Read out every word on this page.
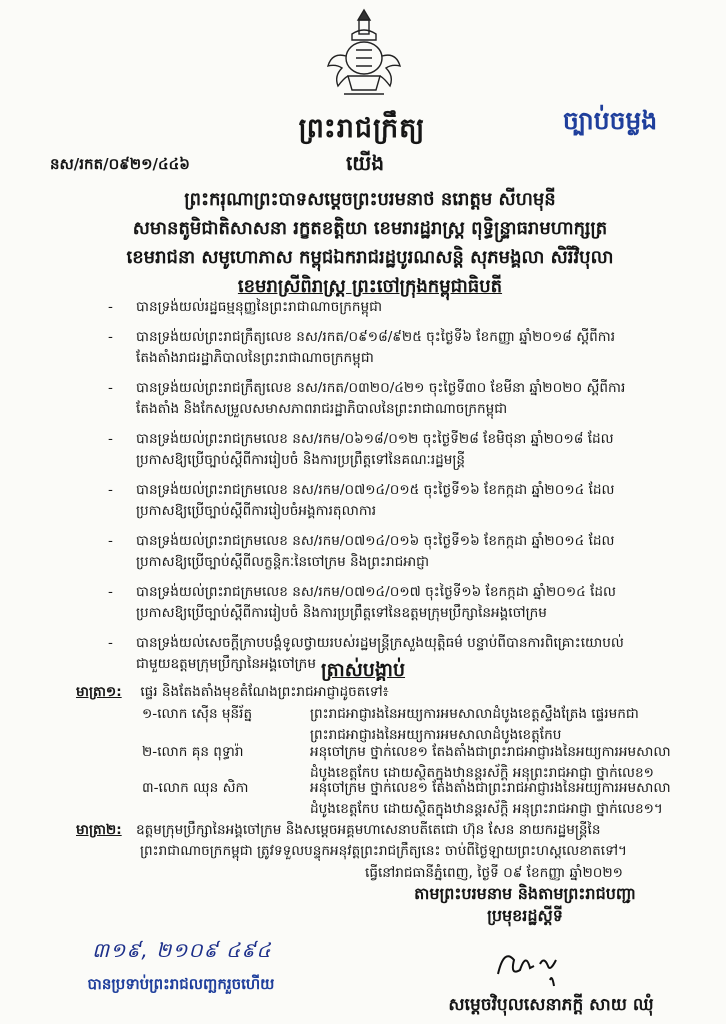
ព្រះរាជក្រឹត្យ	ច្បាប់ចម្លង
នស/រកត/០៩២១/៤៤៦	យើង
ព្រះករុណាព្រះបាទសម្តេចព្រះបរមនាថ នរោត្តម សីហមុនី
សមានតូមិជាតិសាសនា រក្ខតខត្តិយា ខេមរារដ្ឋរាស្ត្រ ពុទ្ធិន្ទ្រាធរាមហាក្សត្រ
ខេមរាជនា សមូហោភាស កម្ពុជឯករាជរដ្ឋបូរណសន្តិ សុភមង្គលា សិរីវិបុលា
ខេមរាស្រីពិរាស្ត្រ ព្រះចៅក្រុងកម្ពុជាធិបតី
-	បានទ្រង់យល់រដ្ឋធម្មនុញ្ញនៃព្រះរាជាណាចក្រកម្ពុជា
-	បានទ្រង់យល់ព្រះរាជក្រឹត្យលេខ នស/រកត/០៩១៨/៩២៥ ចុះថ្ងៃទី៦ ខែកញ្ញា ឆ្នាំ២០១៨ ស្តីពីការ
តែងតាំងរាជរដ្ឋាភិបាលនៃព្រះរាជាណាចក្រកម្ពុជា
-	បានទ្រង់យល់ព្រះរាជក្រឹត្យលេខ នស/រកត/០៣២០/៤២១ ចុះថ្ងៃទី៣០ ខែមីនា ឆ្នាំ២០២០ ស្តីពីការ
តែងតាំង និងកែសម្រួលសមាសភាពរាជរដ្ឋាភិបាលនៃព្រះរាជាណាចក្រកម្ពុជា
-	បានទ្រង់យល់ព្រះរាជក្រមលេខ នស/រកម/០៦១៨/០១២ ចុះថ្ងៃទី២៨ ខែមិថុនា ឆ្នាំ២០១៨ ដែល
ប្រកាសឱ្យប្រើច្បាប់ស្តីពីការរៀបចំ និងការប្រព្រឹត្តទៅនៃគណៈរដ្ឋមន្ត្រី
-	បានទ្រង់យល់ព្រះរាជក្រមលេខ នស/រកម/០៧១៤/០១៥ ចុះថ្ងៃទី១៦ ខែកក្កដា ឆ្នាំ២០១៤ ដែល
ប្រកាសឱ្យប្រើច្បាប់ស្តីពីការរៀបចំអង្គការតុលាការ
-	បានទ្រង់យល់ព្រះរាជក្រមលេខ នស/រកម/០៧១៤/០១៦ ចុះថ្ងៃទី១៦ ខែកក្កដា ឆ្នាំ២០១៤ ដែល
ប្រកាសឱ្យប្រើច្បាប់ស្តីពីលក្ខន្តិកៈនៃចៅក្រម និងព្រះរាជអាជ្ញា
-	បានទ្រង់យល់ព្រះរាជក្រមលេខ នស/រកម/០៧១៤/០១៧ ចុះថ្ងៃទី១៦ ខែកក្កដា ឆ្នាំ២០១៤ ដែល
ប្រកាសឱ្យប្រើច្បាប់ស្តីពីការរៀបចំ និងការប្រព្រឹត្តទៅនៃឧត្តមក្រុមប្រឹក្សានៃអង្គចៅក្រម
-	បានទ្រង់យល់សេចក្តីក្រាបបង្គំទូលថ្វាយរបស់រដ្ឋមន្ត្រីក្រសួងយុត្តិធម៌ បន្ទាប់ពីបានការពិគ្រោះយោបល់
ជាមួយឧត្តមក្រុមប្រឹក្សានៃអង្គចៅក្រម ត្រាស់បង្គាប់
មាត្រា១: ផ្ទេរ និងតែងតាំងមុខតំណែងព្រះរាជអាជ្ញាដូចតទៅ៖
១-លោក ស៊ើន មុនីរ័ត្ន	ព្រះរាជអាជ្ញារងនៃអយ្យការអមសាលាដំបូងខេត្តស្ទឹងត្រែង ផ្ទេរមកជា
ព្រះរាជអាជ្ញារងនៃអយ្យការអមសាលាដំបូងខេត្តកែប
២-លោក គុន ពុទ្ធារ៉ា	អនុចៅក្រម ថ្នាក់លេខ១ តែងតាំងជាព្រះរាជអាជ្ញារងនៃអយ្យការអមសាលា
ដំបូងខេត្តកែប ដោយស្ថិតក្នុងឋានន្តរស័ក្តិ អនុព្រះរាជអាជ្ញា ថ្នាក់លេខ១
៣-លោក ឈុន សិកា	អនុចៅក្រម ថ្នាក់លេខ១ តែងតាំងជាព្រះរាជអាជ្ញារងនៃអយ្យការអមសាលា
ដំបូងខេត្តកែប ដោយស្ថិតក្នុងឋានន្តរស័ក្តិ អនុព្រះរាជអាជ្ញា ថ្នាក់លេខ១។
មាត្រា២: ឧត្តមក្រុមប្រឹក្សានៃអង្គចៅក្រម និងសម្តេចអគ្គមហាសេនាបតីតេជោ ហ៊ុន សែន នាយករដ្ឋមន្ត្រីនៃ
ព្រះរាជាណាចក្រកម្ពុជា ត្រូវទទួលបន្ទុកអនុវត្តព្រះរាជក្រឹត្យនេះ ចាប់ពីថ្ងៃឡាយព្រះហស្តលេខាតទៅ។
ធ្វើនៅរាជធានីភ្នំពេញ, ថ្ងៃទី ០៩ ខែកញ្ញា ឆ្នាំ២០២១
តាមព្រះបរមនាម និងតាមព្រះរាជបញ្ជា
ប្រមុខរដ្ឋស្តីទី
៣១៩, ២១០៩ ៤៩៤
បានប្រទាប់ព្រះរាជលញ្ឆករួចហើយ
សម្តេចវិបុលសេនាភក្តី សាយ ឈុំ
